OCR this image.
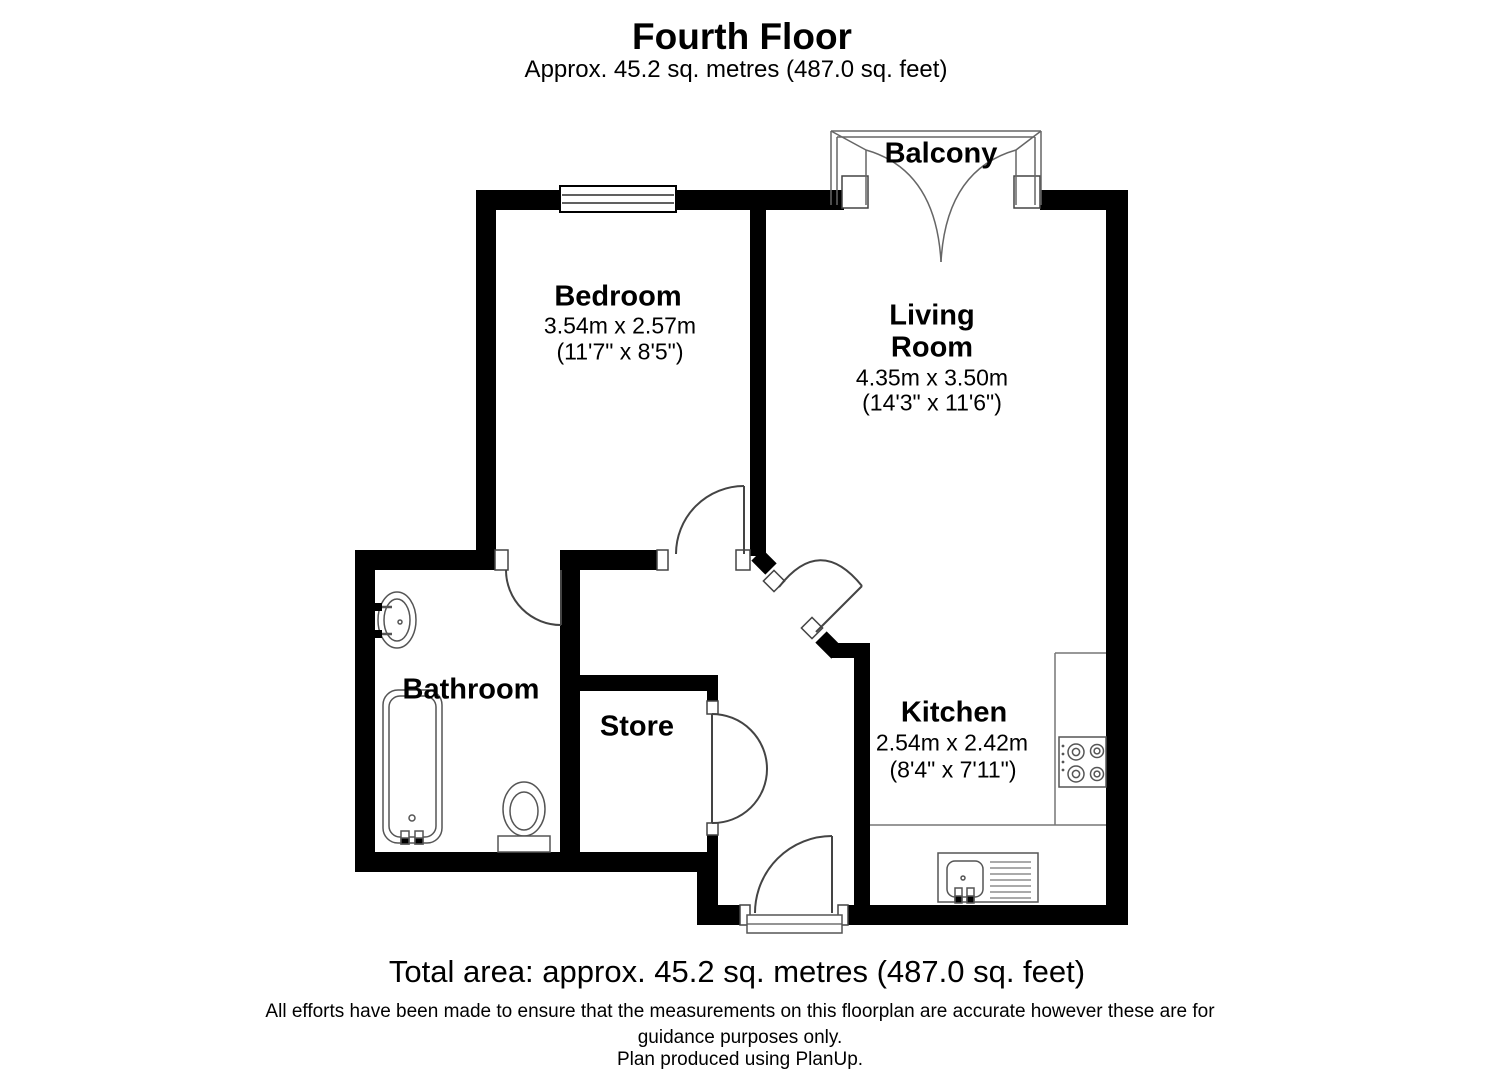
Fourth Floor
Approx. 45.2 sq. metres (487.0 sq. feet)
Balcony
Bedroom
3.54m x 2.57m
(11'7" x 8'5")
Living Room
4.35m x 3.50m
(14'3" x 11'6")
Bathroom
Store	Kitchen
2.54m x 2.42m
(8'4" x 7'11")
Total area: approx. 45.2 sq. metres (487.0 sq. feet)
All efforts have been made to ensure that the measurements on this floorplan are accurate however these are for
guidance purposes only.
Plan produced using PlanUp.
